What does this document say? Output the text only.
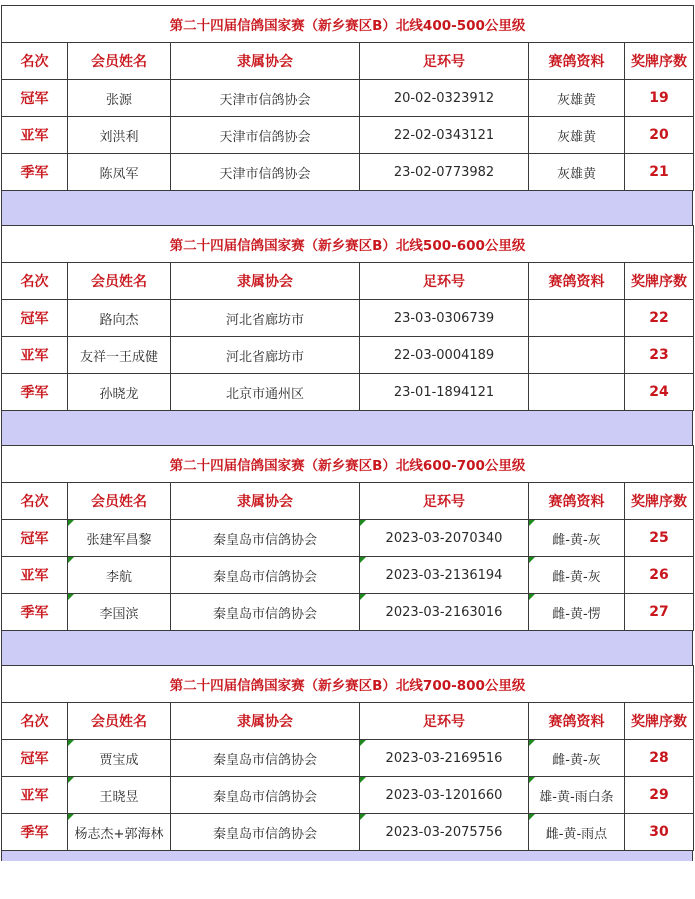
第二十四届信鸽国家赛（新乡赛区B）北线400-500公里级					
名次	会员姓名	隶属协会	足环号	赛鸽资料	奖牌序数
冠军	张源	天津市信鸽协会	20-02-0323912	灰雄黄	19
亚军	刘洪利	天津市信鸽协会	22-02-0343121	灰雄黄	20
季军	陈凤军	天津市信鸽协会	23-02-0773982	灰雄黄	21
第二十四届信鸽国家赛（新乡赛区B）北线500-600公里级					
名次	会员姓名	隶属协会	足环号	赛鸽资料	奖牌序数
冠军	路向杰	河北省廊坊市	23-03-0306739		22
亚军	友祥一王成健	河北省廊坊市	22-03-0004189		23
季军	孙晓龙	北京市通州区	23-01-1894121		24
第二十四届信鸽国家赛（新乡赛区B）北线600-700公里级					
名次	会员姓名	隶属协会	足环号	赛鸽资料	奖牌序数
冠军	张建军昌黎	秦皇岛市信鸽协会	2023-03-2070340	雌-黄-灰	25
亚军	李航	秦皇岛市信鸽协会	2023-03-2136194	雌-黄-灰	26
季军	李国滨	秦皇岛市信鸽协会	2023-03-2163016	雌-黄-愣	27
第二十四届信鸽国家赛（新乡赛区B）北线700-800公里级					
名次	会员姓名	隶属协会	足环号	赛鸽资料	奖牌序数
冠军	贾宝成	秦皇岛市信鸽协会	2023-03-2169516	雌-黄-灰	28
亚军	王晓昱	秦皇岛市信鸽协会	2023-03-1201660	雄-黄-雨白条	29
季军	杨志杰+郭海林	秦皇岛市信鸽协会	2023-03-2075756	雌-黄-雨点	30
